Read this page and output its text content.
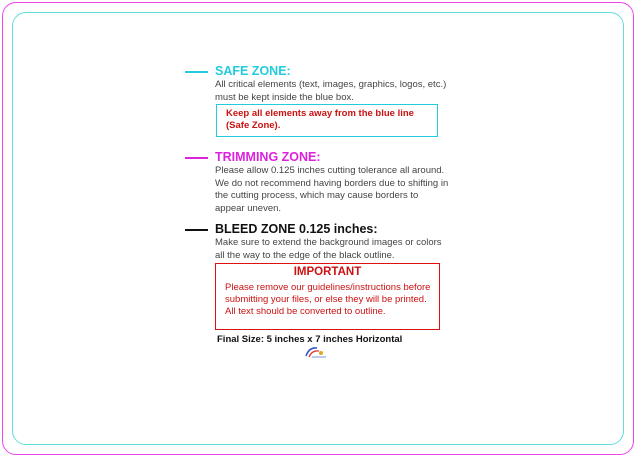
SAFE ZONE:
All critical elements (text, images, graphics, logos, etc.)
must be kept inside the blue box.
Keep all elements away from the blue line
(Safe Zone).
TRIMMING ZONE:
Please allow 0.125 inches cutting tolerance all around.
We do not recommend having borders due to shifting in
the cutting process, which may cause borders to
appear uneven.
BLEED ZONE 0.125 inches:
Make sure to extend the background images or colors
all the way to the edge of the black outline.
IMPORTANT
Please remove our guidelines/instructions before
submitting your files, or else they will be printed.
All text should be converted to outline.
Final Size: 5 inches x 7 inches Horizontal
